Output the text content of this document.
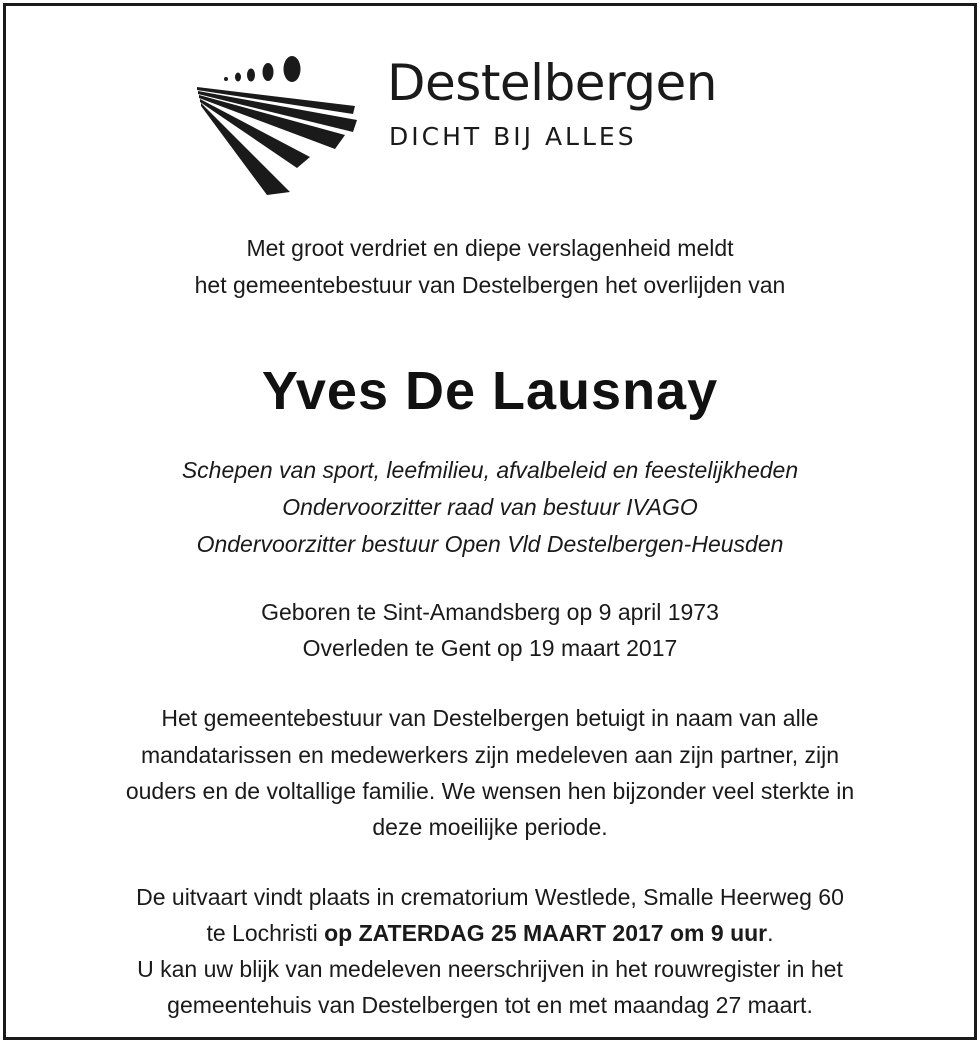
Destelbergen
DICHT BIJ ALLES
Met groot verdriet en diepe verslagenheid meldt
het gemeentebestuur van Destelbergen het overlijden van
Yves De Lausnay
Schepen van sport, leefmilieu, afvalbeleid en feestelijkheden
Ondervoorzitter raad van bestuur IVAGO
Ondervoorzitter bestuur Open Vld Destelbergen-Heusden
Geboren te Sint-Amandsberg op 9 april 1973
Overleden te Gent op 19 maart 2017
Het gemeentebestuur van Destelbergen betuigt in naam van alle
mandatarissen en medewerkers zijn medeleven aan zijn partner, zijn
ouders en de voltallige familie. We wensen hen bijzonder veel sterkte in
deze moeilijke periode.
De uitvaart vindt plaats in crematorium Westlede, Smalle Heerweg 60
te Lochristi op ZATERDAG 25 MAART 2017 om 9 uur.
U kan uw blijk van medeleven neerschrijven in het rouwregister in het
gemeentehuis van Destelbergen tot en met maandag 27 maart.
